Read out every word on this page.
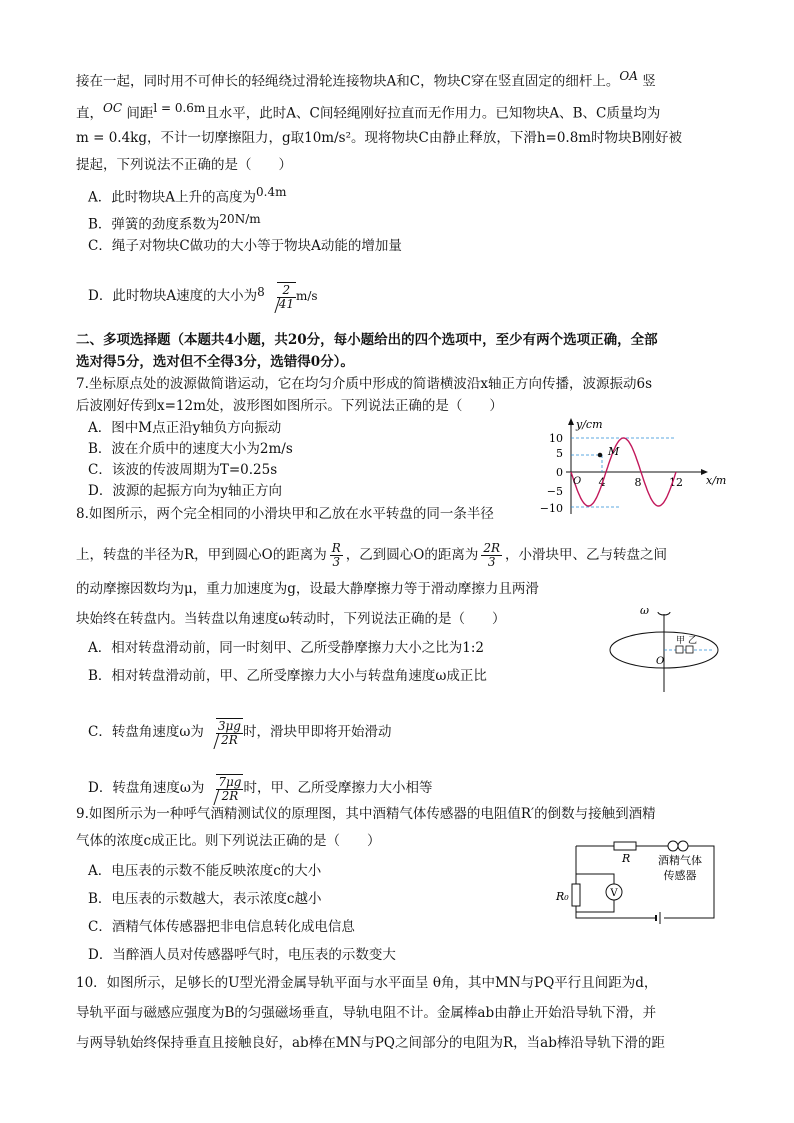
接在一起，同时用不可伸长的轻绳绕过滑轮连接物块A和C，物块C穿在竖直固定的细杆上。OA 竖
直，OC 间距l = 0.6m且水平，此时A、C间轻绳刚好拉直而无作用力。已知物块A、B、C质量均为
m = 0.4kg，不计一切摩擦阻力，g取10m/s²。现将物块C由静止释放，下滑h=0.8m时物块B刚好被
提起，下列说法不正确的是（　　）
A．此时物块A上升的高度为0.4m
B．弹簧的劲度系数为20N/m
C．绳子对物块C做功的大小等于物块A动能的增加量
D．此时物块A速度的大小为$8 \frac{2}{41} m/s$
二、多项选择题（本题共4小题，共20分，每小题给出的四个选项中，至少有两个选项正确，全部
选对得5分，选对但不全得3分，选错得0分）。
7.坐标原点处的波源做简谐运动，它在均匀介质中形成的简谐横波沿x轴正方向传播，波源振动6s
后波刚好传到x=12m处，波形图如图所示。下列说法正确的是（　　）
A．图中M点正沿y轴负方向振动
B．波在介质中的速度大小为2m/s
C．该波的传波周期为T=0.25s
D．波源的起振方向为y轴正方向
y/cm
x/m
10
5
0
−5
−10
4	8	12
M
O
8.如图所示，两个完全相同的小滑块甲和乙放在水平转盘的同一条半径
上，转盘的半径为R，甲到圆心O的距离为 $\frac{R}{3}$ ，乙到圆心O的距离为 $\frac{2R}{3}$ ，小滑块甲、乙与转盘之间
的动摩擦因数均为μ，重力加速度为g，设最大静摩擦力等于滑动摩擦力且两滑
块始终在转盘内。当转盘以角速度ω转动时，下列说法正确的是（　　）
A．相对转盘滑动前，同一时刻甲、乙所受静摩擦力大小之比为1:2
B．相对转盘滑动前，甲、乙所受摩擦力大小与转盘角速度ω成正比
C．转盘角速度ω为 $\frac{3\mu g}{2R}$ 时，滑块甲即将开始滑动
D．转盘角速度ω为 $\frac{7\mu g}{2R}$ 时，甲、乙所受摩擦力大小相等
ω
甲 乙
O
9.如图所示为一种呼气酒精测试仪的原理图，其中酒精气体传感器的电阻值R′的倒数与接触到酒精
气体的浓度c成正比。则下列说法正确的是（　　）
A．电压表的示数不能反映浓度c的大小
B．电压表的示数越大，表示浓度c越小
C．酒精气体传感器把非电信息转化成电信息
D．当醉酒人员对传感器呼气时，电压表的示数变大
V
R
R₀
酒精气体
传感器
10．如图所示，足够长的U型光滑金属导轨平面与水平面呈 θ角，其中MN与PQ平行且间距为d，
导轨平面与磁感应强度为B的匀强磁场垂直，导轨电阻不计。金属棒ab由静止开始沿导轨下滑，并
与两导轨始终保持垂直且接触良好，ab棒在MN与PQ之间部分的电阻为R，当ab棒沿导轨下滑的距
